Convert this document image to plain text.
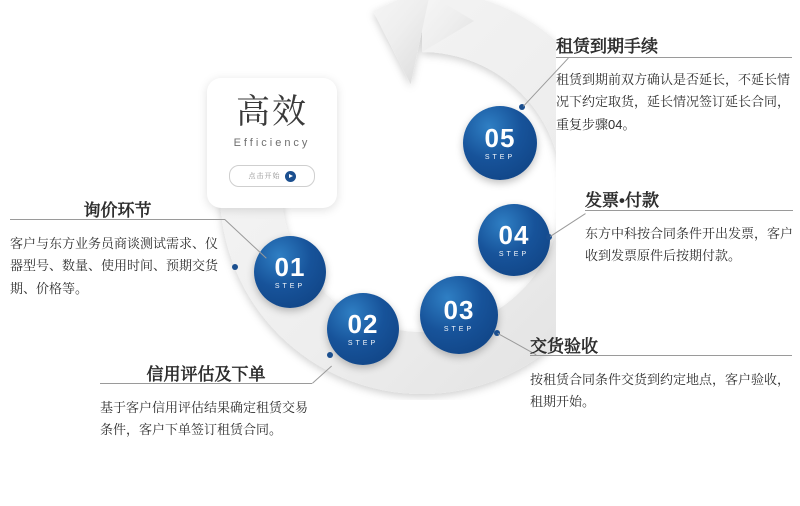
高效
Efficiency
点击开始
01
STEP
02
STEP
03
STEP
04
STEP
05
STEP
询价环节
客户与东方业务员商谈测试需求、仪器型号、数量、使用时间、预期交货期、价格等。
信用评估及下单
基于客户信用评估结果确定租赁交易条件，客户下单签订租赁合同。
租赁到期手续
租赁到期前双方确认是否延长，不延长情况下约定取货，延长情况签订延长合同，重复步骤04。
发票•付款
东方中科按合同条件开出发票，客户收到发票原件后按期付款。
交货验收
按租赁合同条件交货到约定地点，客户验收，租期开始。
